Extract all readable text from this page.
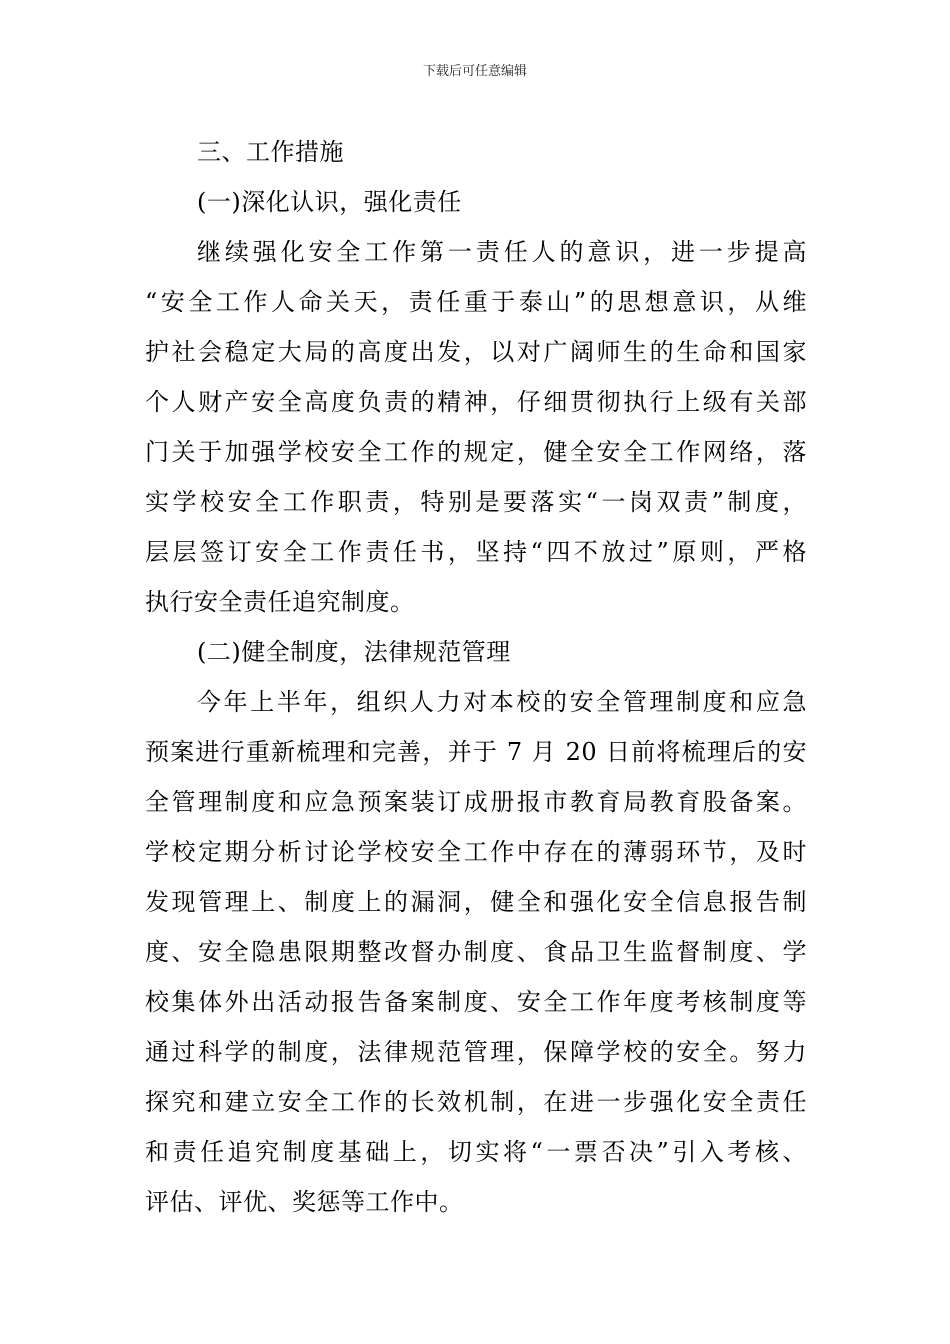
下载后可任意编辑
三、工作措施
(一)深化认识，强化责任
继续强化安全工作第一责任人的意识，进一步提高
“安全工作人命关天，责任重于泰山”的思想意识，从维
护社会稳定大局的高度出发，以对广阔师生的生命和国家
个人财产安全高度负责的精神，仔细贯彻执行上级有关部
门关于加强学校安全工作的规定，健全安全工作网络，落
实学校安全工作职责，特别是要落实“一岗双责”制度，
层层签订安全工作责任书，坚持“四不放过”原则，严格
执行安全责任追究制度。
(二)健全制度，法律规范管理
今年上半年，组织人力对本校的安全管理制度和应急
预案进行重新梳理和完善，并于 7 月 20 日前将梳理后的安
全管理制度和应急预案装订成册报市教育局教育股备案。
学校定期分析讨论学校安全工作中存在的薄弱环节，及时
发现管理上、制度上的漏洞，健全和强化安全信息报告制
度、安全隐患限期整改督办制度、食品卫生监督制度、学
校集体外出活动报告备案制度、安全工作年度考核制度等
通过科学的制度，法律规范管理，保障学校的安全。努力
探究和建立安全工作的长效机制，在进一步强化安全责任
和责任追究制度基础上，切实将“一票否决”引入考核、
评估、评优、奖惩等工作中。
